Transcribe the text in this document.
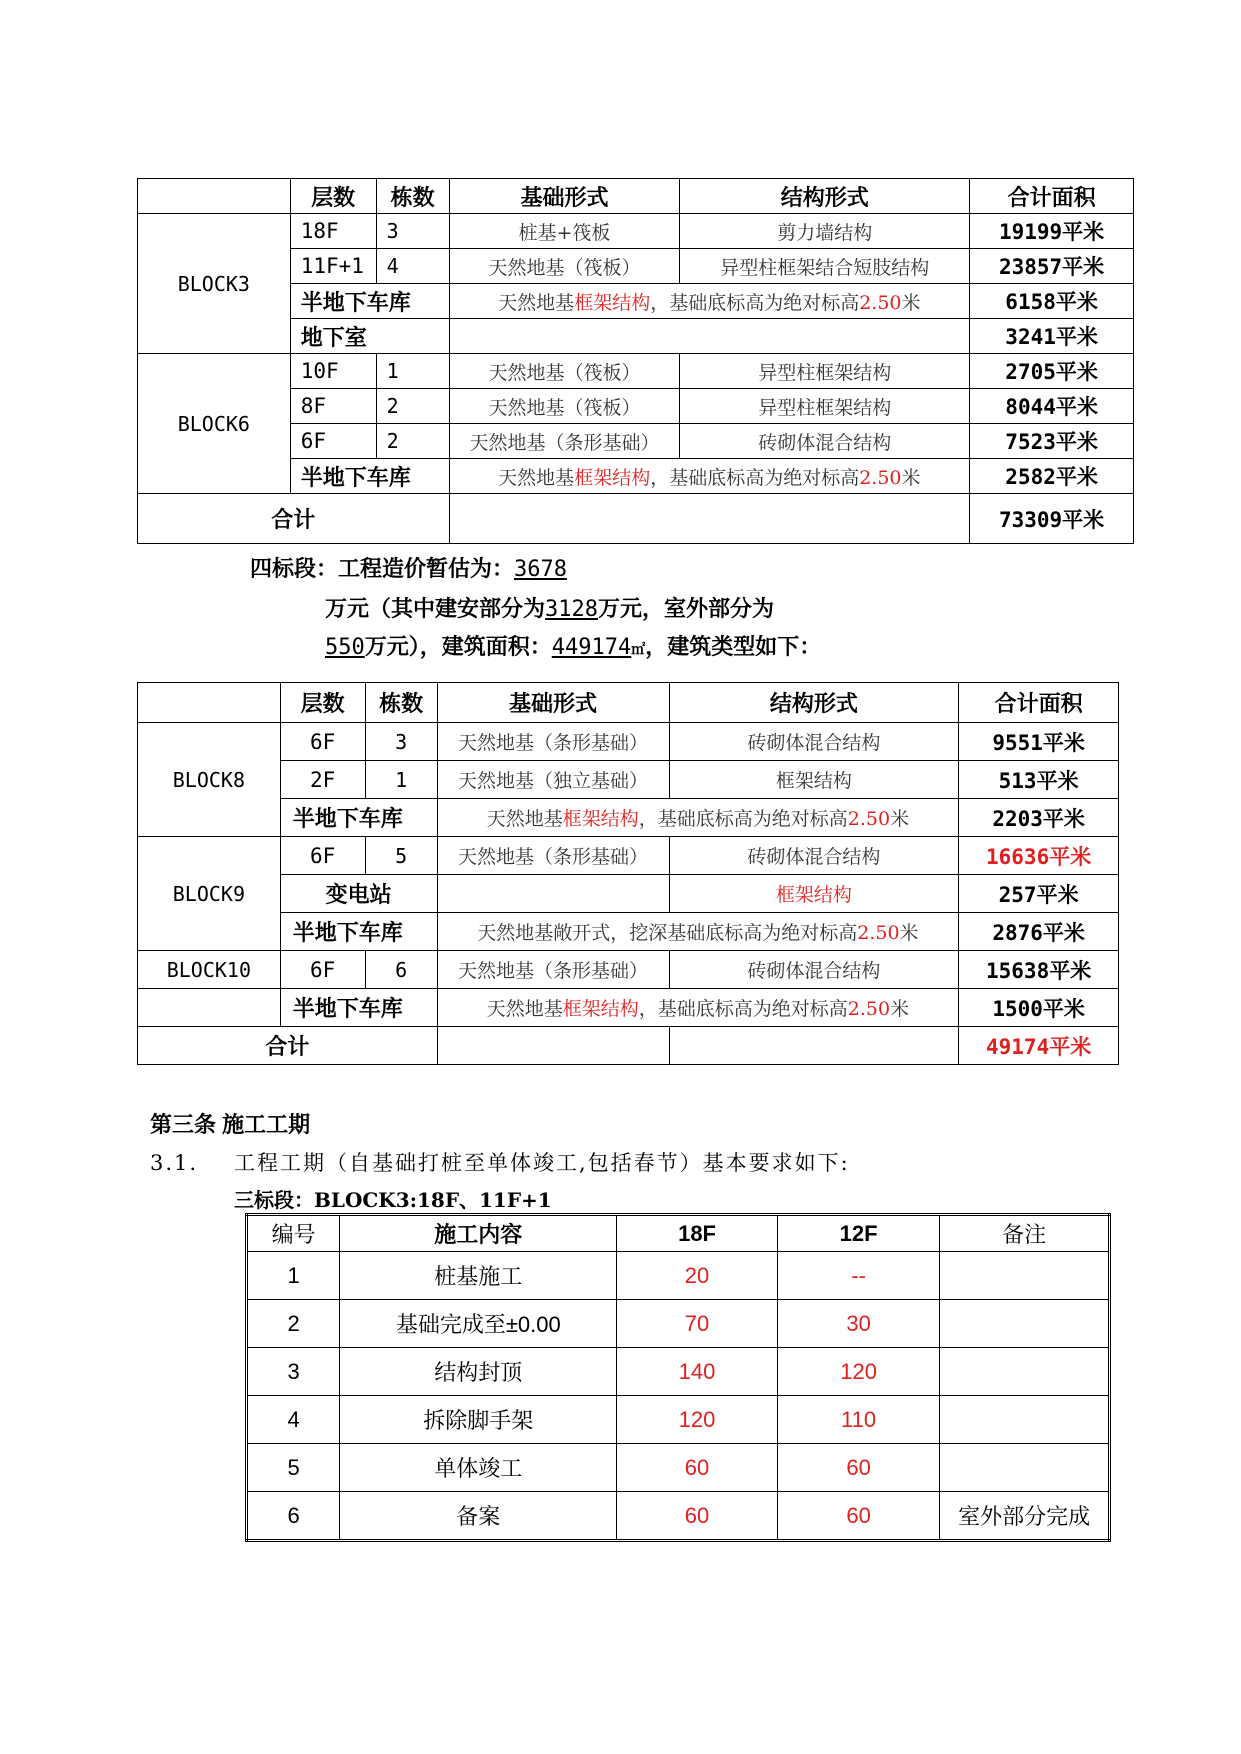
	层数	栋数	基础形式	结构形式	合计面积
BLOCK3	18F	3	桩基+筏板	剪力墙结构	19199平米
	11F+1	4	天然地基（筏板）	异型柱框架结合短肢结构	23857平米
	半地下车库		天然地基框架结构，基础底标高为绝对标高2.50米		6158平米
	地下室				3241平米
BLOCK6	10F	1	天然地基（筏板）	异型柱框架结构	2705平米
	8F	2	天然地基（筏板）	异型柱框架结构	8044平米
	6F	2	天然地基（条形基础）	砖砌体混合结构	7523平米
	半地下车库		天然地基框架结构，基础底标高为绝对标高2.50米		2582平米
合计					73309平米
四标段：工程造价暂估为：3678
万元（其中建安部分为3128万元，室外部分为
550万元），建筑面积：449174㎡，建筑类型如下：
	层数	栋数	基础形式	结构形式	合计面积
BLOCK8	6F	3	天然地基（条形基础）	砖砌体混合结构	9551平米
	2F	1	天然地基（独立基础）	框架结构	513平米
	半地下车库		天然地基框架结构，基础底标高为绝对标高2.50米		2203平米
BLOCK9	6F	5	天然地基（条形基础）	砖砌体混合结构	16636平米
	变电站			框架结构	257平米
	半地下车库		天然地基敞开式，挖深基础底标高为绝对标高2.50米		2876平米
BLOCK10	6F	6	天然地基（条形基础）	砖砌体混合结构	15638平米
	半地下车库		天然地基框架结构，基础底标高为绝对标高2.50米		1500平米
合计					49174平米
第三条 施工工期
3.1. 工程工期（自基础打桩至单体竣工,包括春节）基本要求如下:
三标段：BLOCK3:18F、11F+1
编号	施工内容	18F	12F	备注
1	桩基施工	20	--	
2	基础完成至±0.00	70	30	
3	结构封顶	140	120	
4	拆除脚手架	120	110	
5	单体竣工	60	60	
6	备案	60	60	室外部分完成
